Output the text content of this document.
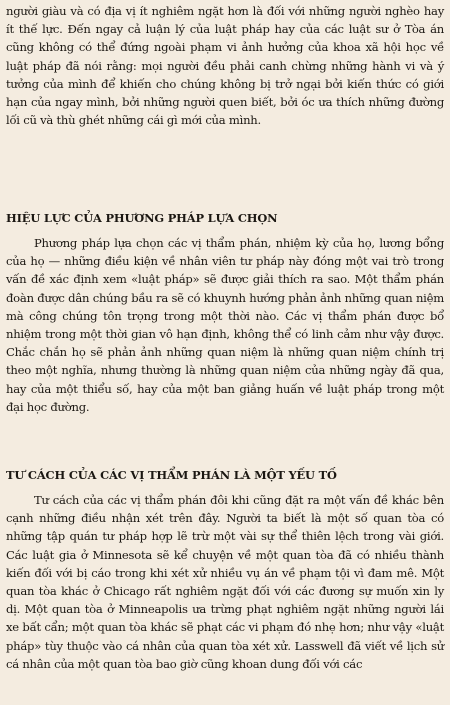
người giàu và có địa vị ít nghiêm ngặt hơn là đối với những người nghèo hay ít thế lực. Đến ngay cả luận lý của luật pháp hay của các luật sư ở Tòa án cũng không có thể đứng ngoài phạm vi ảnh hưởng của khoa xã hội học về luật pháp đã nói rằng: mọi người đều phải canh chừng những hành vi và ý tưởng của mình để khiến cho chúng không bị trở ngại bởi kiến thức có giới hạn của ngay mình, bởi những người quen biết, bởi óc ưa thích những đường lối cũ và thù ghét những cái gì mới của mình.

HIỆU LỰC CỦA PHƯƠNG PHÁP LỰA CHỌN

Phương pháp lựa chọn các vị thẩm phán, nhiệm kỳ của họ, lương bổng của họ — những điều kiện về nhân viên tư pháp này đóng một vai trò trong vấn đề xác định xem «luật pháp» sẽ được giải thích ra sao. Một thẩm phán đoàn được dân chúng bầu ra sẽ có khuynh hướng phản ảnh những quan niệm mà công chúng tôn trọng trong một thời nào. Các vị thẩm phán được bổ nhiệm trong một thời gian vô hạn định, không thể có linh cảm như vậy được. Chắc chắn họ sẽ phản ảnh những quan niệm là những quan niệm chính trị theo một nghĩa, nhưng thường là những quan niệm của những ngày đã qua, hay của một thiểu số, hay của một ban giảng huấn về luật pháp trong một đại học đường.

TƯ CÁCH CỦA CÁC VỊ THẨM PHÁN LÀ MỘT YẾU TỐ

Tư cách của các vị thẩm phán đôi khi cũng đặt ra một vấn đề khác bên cạnh những điều nhận xét trên đây. Người ta biết là một số quan tòa có những tập quán tư pháp hợp lẽ trừ một vài sự thể thiên lệch trong vài giới. Các luật gia ở Minnesota sẽ kể chuyện về một quan tòa đã có nhiều thành kiến đối với bị cáo trong khi xét xử nhiều vụ án về phạm tội vì đam mê. Một quan tòa khác ở Chicago rất nghiêm ngặt đối với các đương sự muốn xin ly dị. Một quan tòa ở Minneapolis ưa trừng phạt nghiêm ngặt những người lái xe bất cẩn; một quan tòa khác sẽ phạt các vi phạm đó nhẹ hơn; như vậy «luật pháp» tùy thuộc vào cá nhân của quan tòa xét xử. Lasswell đã viết về lịch sử cá nhân của một quan tòa bao giờ cũng khoan dung đối với các
